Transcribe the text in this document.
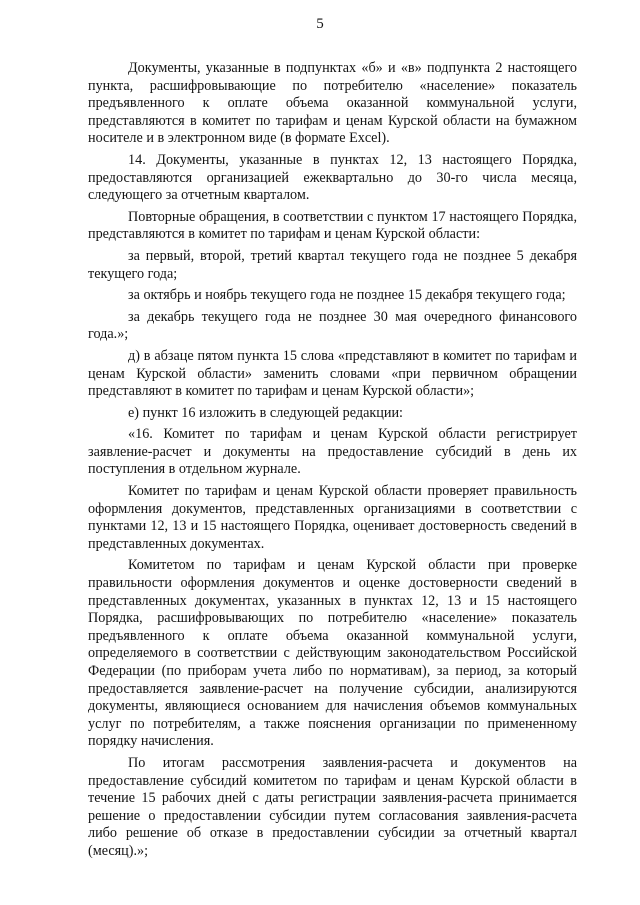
5

Документы, указанные в подпунктах «б» и «в» подпункта 2 настоящего пункта, расшифровывающие по потребителю «население» показатель предъявленного к оплате объема оказанной коммунальной услуги, представляются в комитет по тарифам и ценам Курской области на бумажном носителе и в электронном виде (в формате Excel).

14. Документы, указанные в пунктах 12, 13 настоящего Порядка, предоставляются организацией ежеквартально до 30-го числа месяца, следующего за отчетным кварталом.

Повторные обращения, в соответствии с пунктом 17 настоящего Порядка, представляются в комитет по тарифам и ценам Курской области:

за первый, второй, третий квартал текущего года не позднее 5 декабря текущего года;

за октябрь и ноябрь текущего года не позднее 15 декабря текущего года;

за декабрь текущего года не позднее 30 мая очередного финансового года.»;

д) в абзаце пятом пункта 15 слова «представляют в комитет по тарифам и ценам Курской области» заменить словами «при первичном обращении представляют в комитет по тарифам и ценам Курской области»;

е) пункт 16 изложить в следующей редакции:

«16. Комитет по тарифам и ценам Курской области регистрирует заявление-расчет и документы на предоставление субсидий в день их поступления в отдельном журнале.

Комитет по тарифам и ценам Курской области проверяет правильность оформления документов, представленных организациями в соответствии с пунктами 12, 13 и 15 настоящего Порядка, оценивает достоверность сведений в представленных документах.

Комитетом по тарифам и ценам Курской области при проверке правильности оформления документов и оценке достоверности сведений в представленных документах, указанных в пунктах 12, 13 и 15 настоящего Порядка, расшифровывающих по потребителю «население» показатель предъявленного к оплате объема оказанной коммунальной услуги, определяемого в соответствии с действующим законодательством Российской Федерации (по приборам учета либо по нормативам), за период, за который предоставляется заявление-расчет на получение субсидии, анализируются документы, являющиеся основанием для начисления объемов коммунальных услуг по потребителям, а также пояснения организации по примененному порядку начисления.

По итогам рассмотрения заявления-расчета и документов на предоставление субсидий комитетом по тарифам и ценам Курской области в течение 15 рабочих дней с даты регистрации заявления-расчета принимается решение о предоставлении субсидии путем согласования заявления-расчета либо решение об отказе в предоставлении субсидии за отчетный квартал (месяц).»;
